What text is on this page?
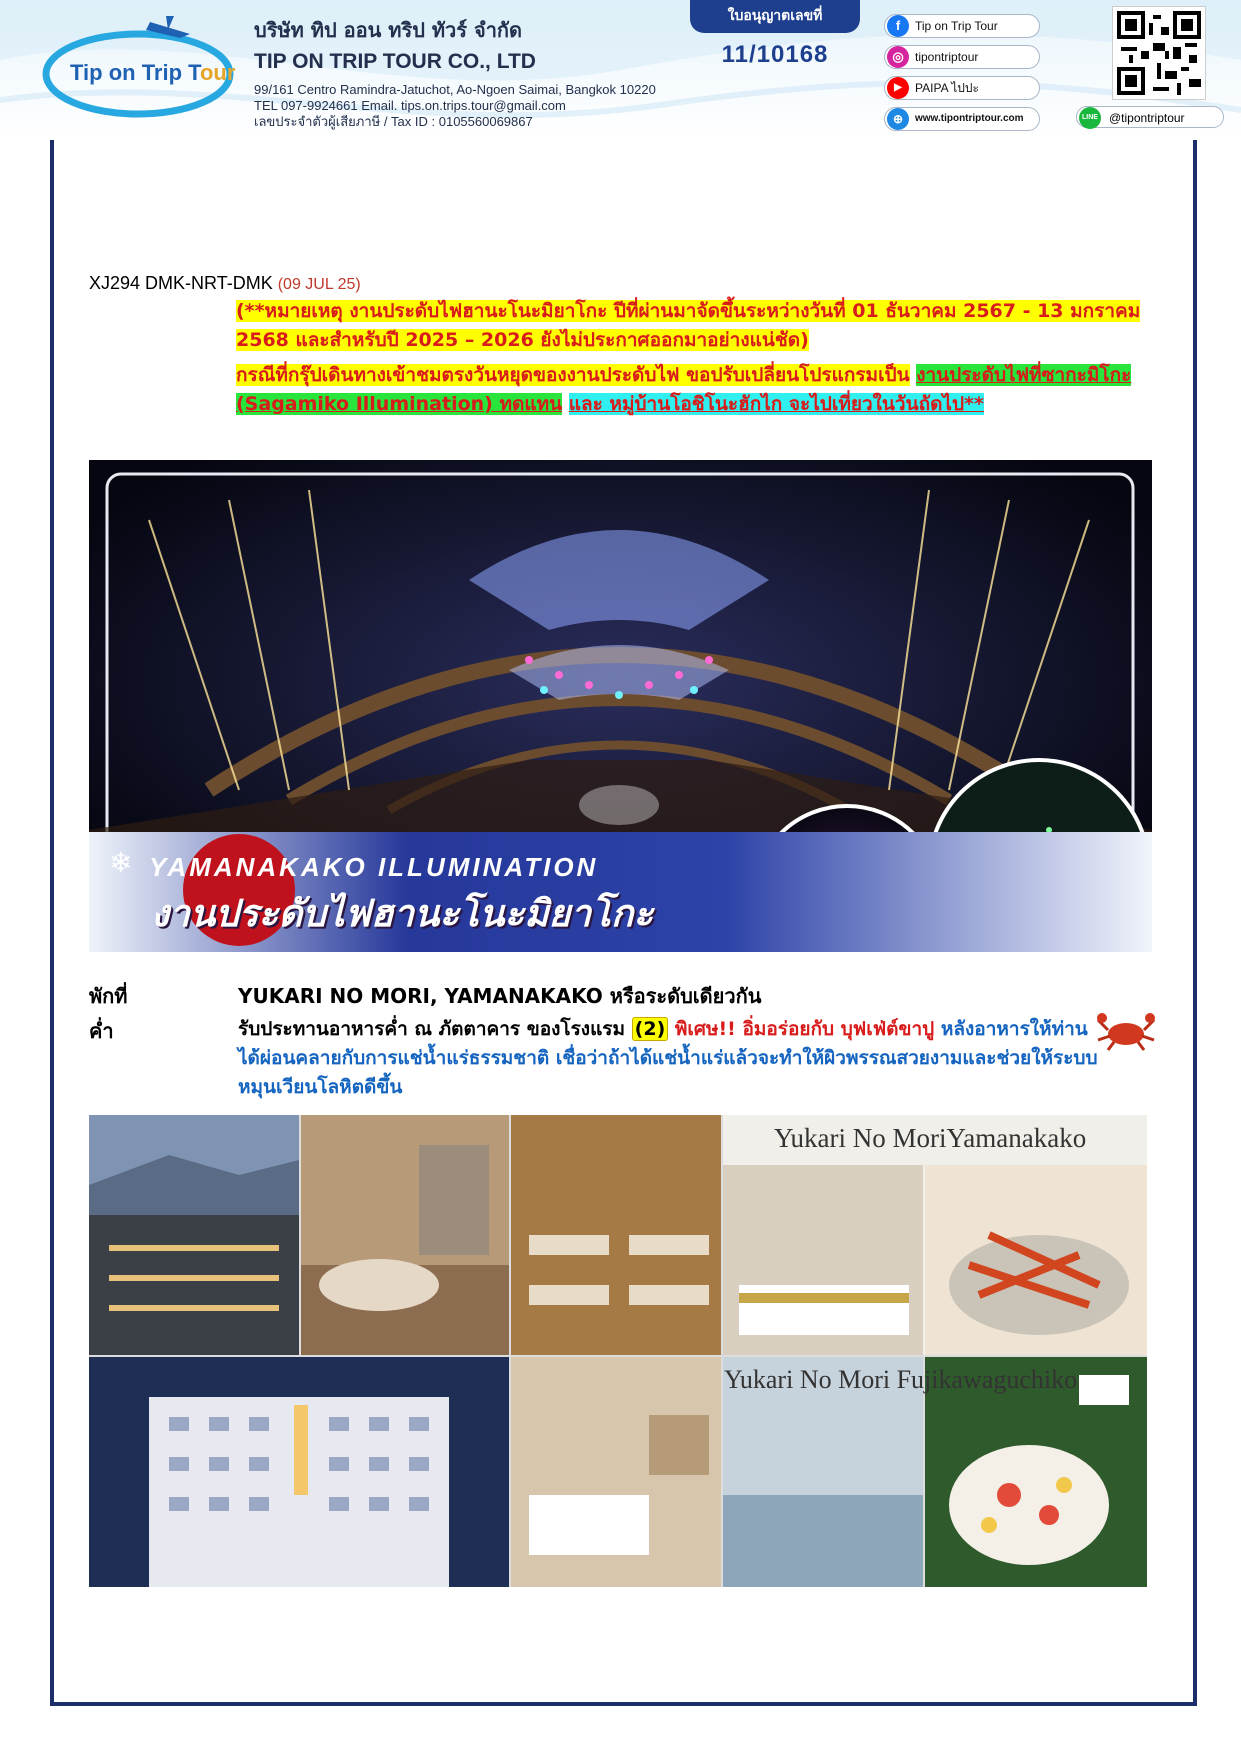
Tip on Trip Tour
บริษัท ทิป ออน ทริป ทัวร์ จำกัด
TIP ON TRIP TOUR CO., LTD
99/161 Centro Ramindra-Jatuchot, Ao-Ngoen Saimai, Bangkok 10220
TEL 097-9924661 Email. tips.on.trips.tour@gmail.com
เลขประจำตัวผู้เสียภาษี / Tax ID : 0105560069867
ใบอนุญาตเลขที่
11/10168
f	Tip on Trip Tour
◎ tipontriptour
▶	PAIPA ไปปะ
⊕	www.tipontriptour.com	LINE @tipontriptour
XJ294 DMK-NRT-DMK (09 JUL 25)
(**หมายเหตุ งานประดับไฟฮานะโนะมิยาโกะ ปีที่ผ่านมาจัดขึ้นระหว่างวันที่ 01 ธันวาคม 2567 - 13 มกราคม 2568 และสำหรับปี 2025 – 2026 ยังไม่ประกาศออกมาอย่างแน่ชัด)
กรณีที่กรุ๊ปเดินทางเข้าชมตรงวันหยุดของงานประดับไฟ ขอปรับเปลี่ยนโปรแกรมเป็น งานประดับไฟที่ซากะมิโกะ (Sagamiko Illumination) ทดแทน และ หมู่บ้านโอชิโนะฮักไก จะไปเที่ยวในวันถัดไป**
❄ YAMANAKAKO ILLUMINATION
งานประดับไฟฮานะโนะมิยาโกะ
พักที่	YUKARI NO MORI, YAMANAKAKO หรือระดับเดียวกัน
ค่ำ	รับประทานอาหารค่ำ ณ ภัตตาคาร ของโรงแรม (2) พิเศษ!! อิ่มอร่อยกับ บุฟเฟ่ต์ขาปู หลังอาหารให้ท่านได้ผ่อนคลายกับการแช่น้ำแร่ธรรมชาติ เชื่อว่าถ้าได้แช่น้ำแร่แล้วจะทำให้ผิวพรรณสวยงามและช่วยให้ระบบหมุนเวียนโลหิตดีขึ้น
Yukari No MoriYamanakako
Yukari No Mori Fujikawaguchiko
